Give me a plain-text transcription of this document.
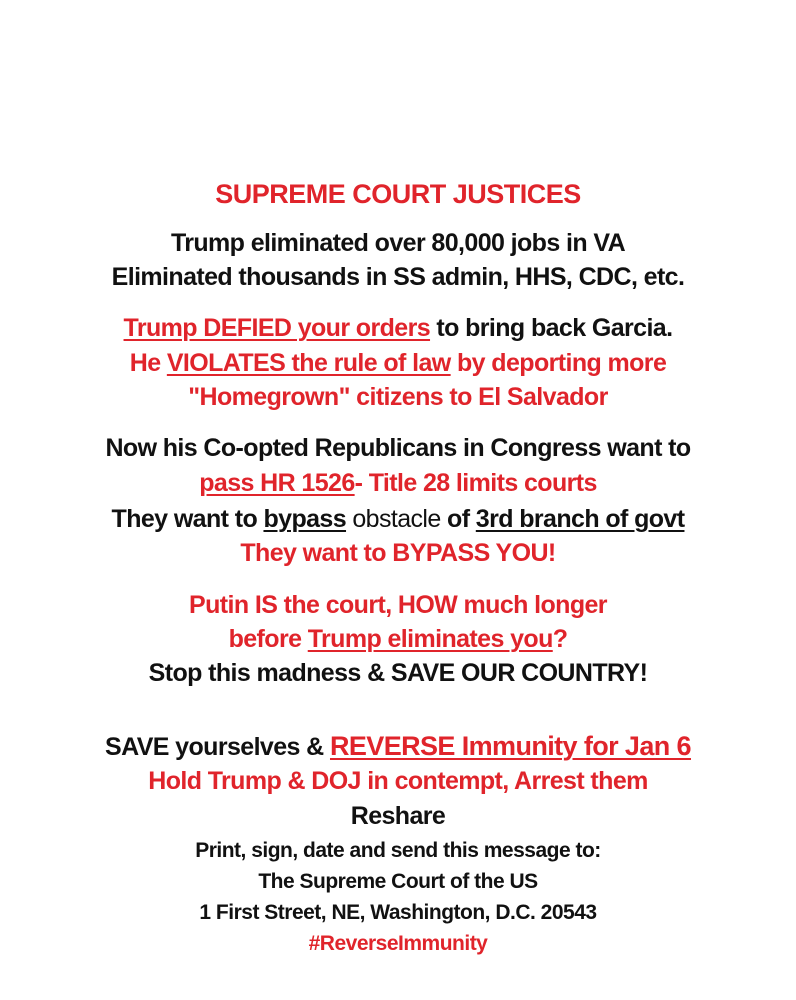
SUPREME COURT JUSTICES
Trump eliminated over 80,000 jobs in VA
Eliminated thousands in SS admin, HHS, CDC, etc.
Trump DEFIED your orders to bring back Garcia.
He VIOLATES the rule of law by deporting more
"Homegrown" citizens to El Salvador
Now his Co-opted Republicans in Congress want to
pass HR 1526- Title 28 limits courts
They want to bypass obstacle of 3rd branch of govt
They want to BYPASS YOU!
Putin IS the court, HOW much longer
before Trump eliminates you?
Stop this madness & SAVE OUR COUNTRY!
SAVE yourselves & REVERSE Immunity for Jan 6
Hold Trump & DOJ in contempt, Arrest them
Reshare
Print, sign, date and send this message to:
The Supreme Court of the US
1 First Street, NE, Washington, D.C. 20543
#ReverseImmunity
